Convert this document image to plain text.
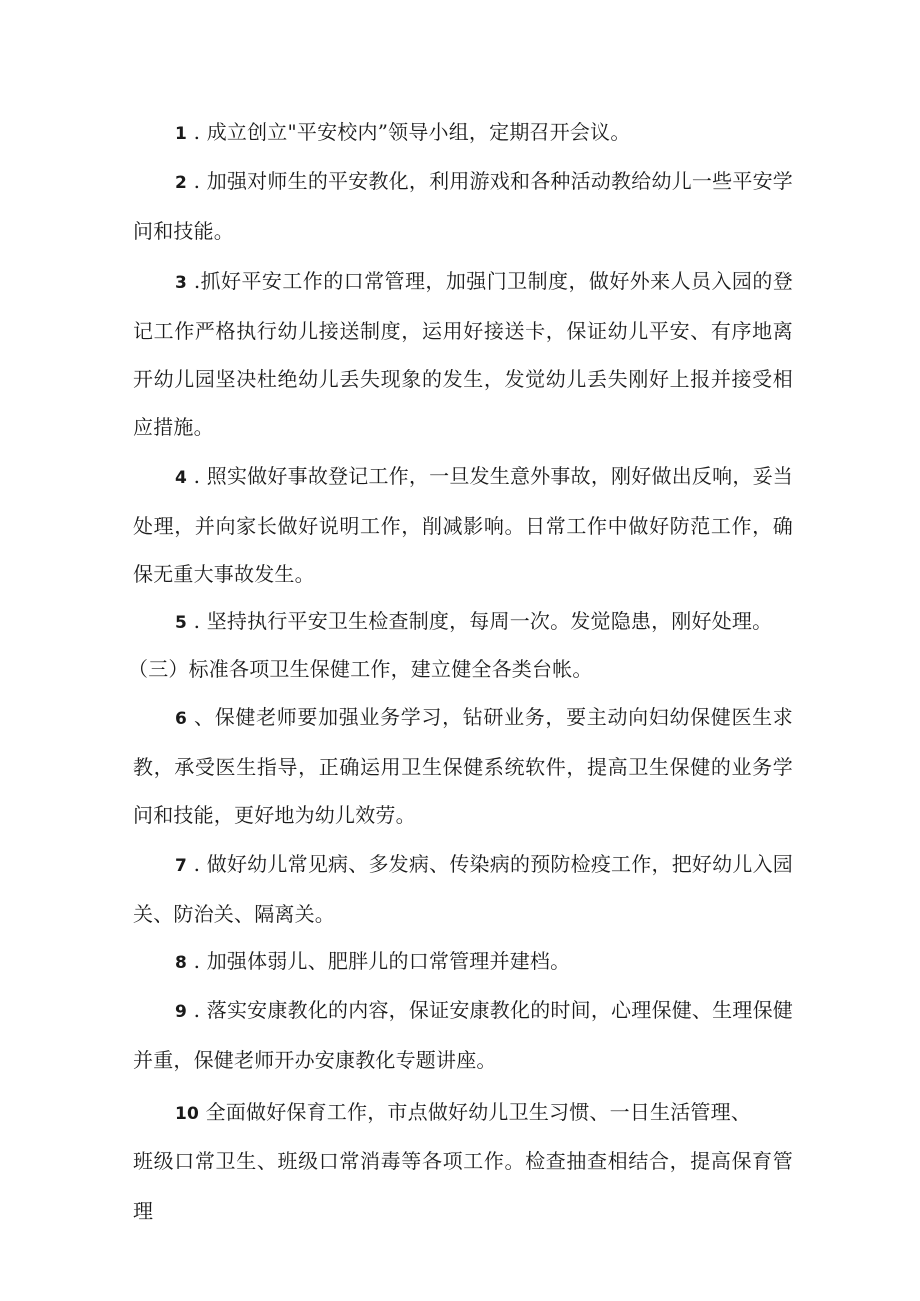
1 . 成立创立"平安校内”领导小组，定期召开会议。

2 . 加强对师生的平安教化，利用游戏和各种活动教给幼儿一些平安学问和技能。

3 .抓好平安工作的口常管理，加强门卫制度，做好外来人员入园的登记工作严格执行幼儿接送制度，运用好接送卡，保证幼儿平安、有序地离开幼儿园坚决杜绝幼儿丢失现象的发生，发觉幼儿丢失刚好上报并接受相应措施。

4 . 照实做好事故登记工作，一旦发生意外事故，刚好做出反响，妥当处理，并向家长做好说明工作，削减影响。日常工作中做好防范工作，确保无重大事故发生。

5 . 坚持执行平安卫生检查制度，每周一次。发觉隐患，刚好处理。

（三）标准各项卫生保健工作，建立健全各类台帐。

6 、保健老师要加强业务学习，钻研业务，要主动向妇幼保健医生求教，承受医生指导，正确运用卫生保健系统软件，提高卫生保健的业务学问和技能，更好地为幼儿效劳。

7 . 做好幼儿常见病、多发病、传染病的预防检疫工作，把好幼儿入园关、防治关、隔离关。

8 . 加强体弱儿、肥胖儿的口常管理并建档。

9 . 落实安康教化的内容，保证安康教化的时间，心理保健、生理保健并重，保健老师开办安康教化专题讲座。

10 全面做好保育工作，市点做好幼儿卫生习惯、一日生活管理、

班级口常卫生、班级口常消毒等各项工作。检查抽查相结合，提高保育管理
